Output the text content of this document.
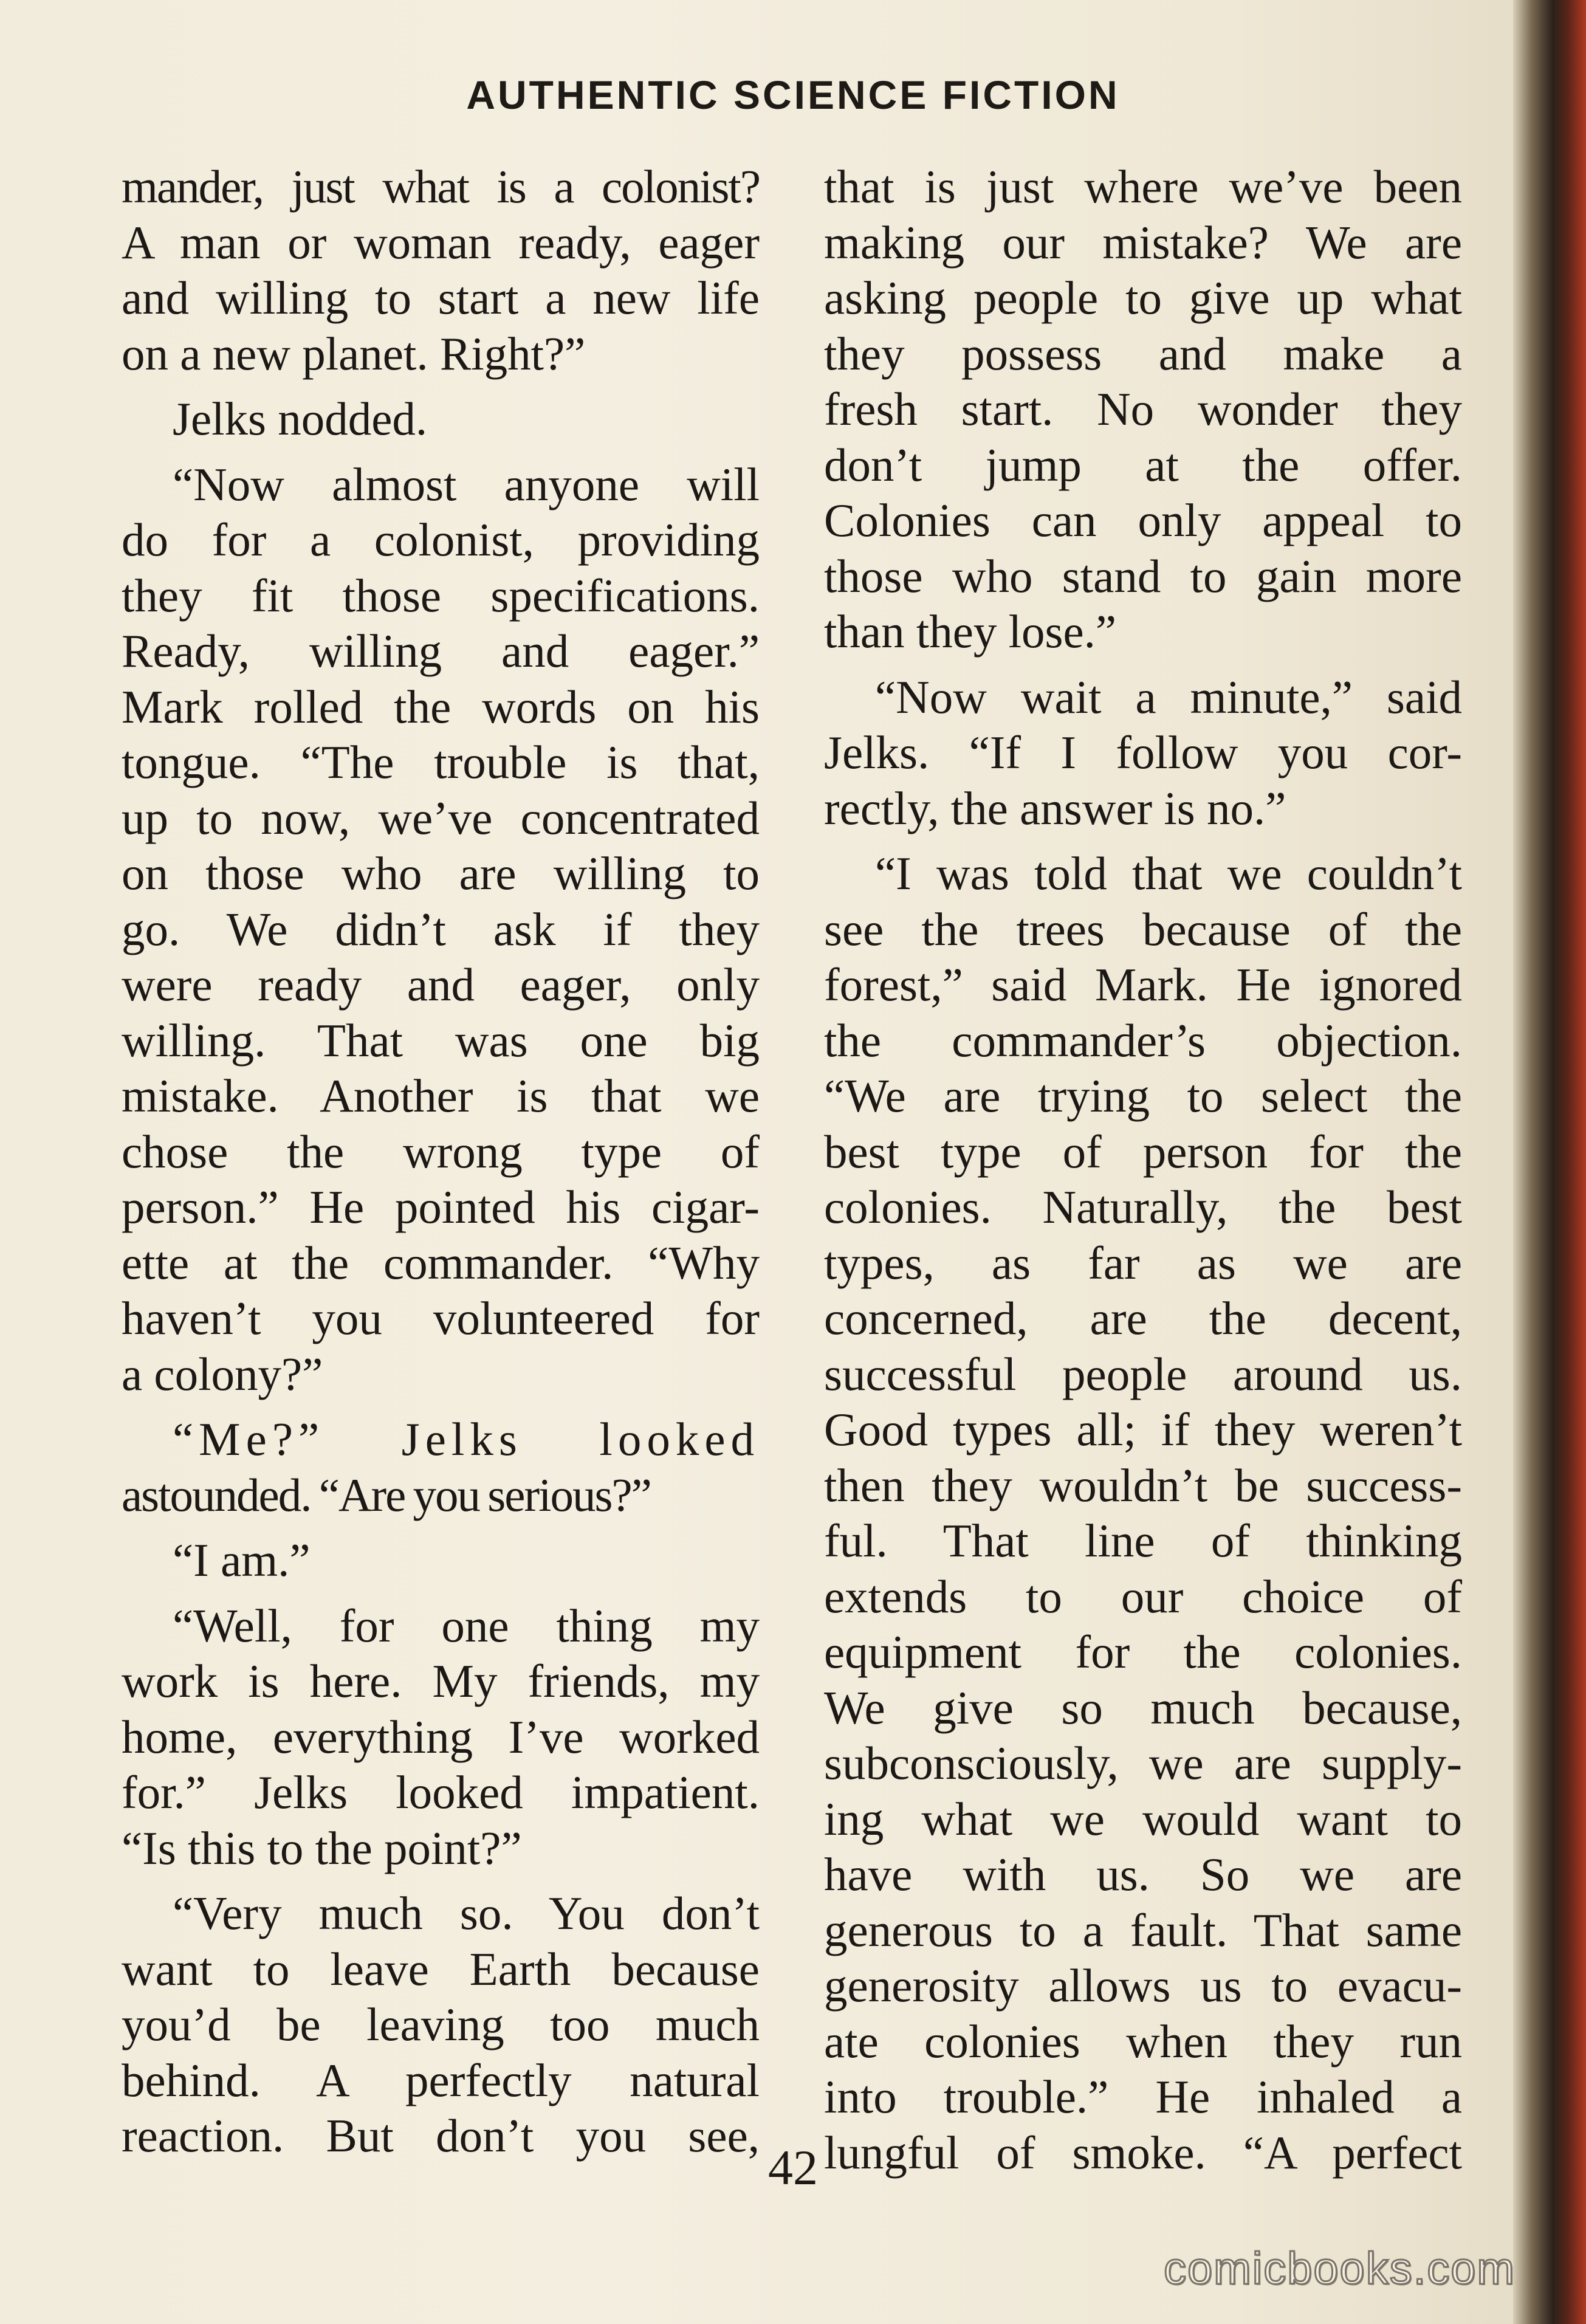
AUTHENTIC SCIENCE FICTION

mander, just what is a colonist?
A man or woman ready, eager
and willing to start a new life
on a new planet. Right?”

Jelks nodded.

“Now almost anyone will
do for a colonist, providing
they fit those specifications.
Ready, willing and eager.”
Mark rolled the words on his
tongue. “The trouble is that,
up to now, we’ve concentrated
on those who are willing to
go. We didn’t ask if they
were ready and eager, only
willing. That was one big
mistake. Another is that we
chose the wrong type of
person.” He pointed his cigar-
ette at the commander. “Why
haven’t you volunteered for
a colony?”

“Me?” Jelks looked
astounded. “Are you serious?”

“I am.”

“Well, for one thing my
work is here. My friends, my
home, everything I’ve worked
for.” Jelks looked impatient.
“Is this to the point?”

“Very much so. You don’t
want to leave Earth because
you’d be leaving too much
behind. A perfectly natural
reaction. But don’t you see,

that is just where we’ve been
making our mistake? We are
asking people to give up what
they possess and make a
fresh start. No wonder they
don’t jump at the offer.
Colonies can only appeal to
those who stand to gain more
than they lose.”

“Now wait a minute,” said
Jelks. “If I follow you cor-
rectly, the answer is no.”

“I was told that we couldn’t
see the trees because of the
forest,” said Mark. He ignored
the commander’s objection.
“We are trying to select the
best type of person for the
colonies. Naturally, the best
types, as far as we are
concerned, are the decent,
successful people around us.
Good types all; if they weren’t
then they wouldn’t be success-
ful. That line of thinking
extends to our choice of
equipment for the colonies.
We give so much because,
subconsciously, we are supply-
ing what we would want to
have with us. So we are
generous to a fault. That same
generosity allows us to evacu-
ate colonies when they run
into trouble.” He inhaled a
lungful of smoke. “A perfect

42
comicbooks.com
